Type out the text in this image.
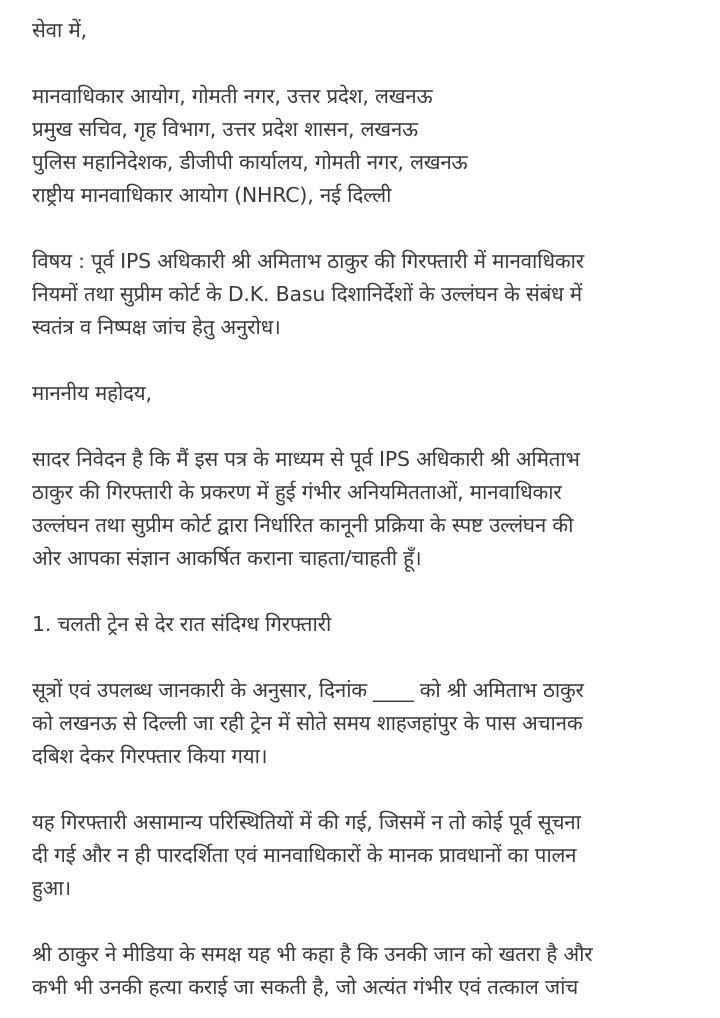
सेवा में,
मानवाधिकार आयोग, गोमती नगर, उत्तर प्रदेश, लखनऊ
प्रमुख सचिव, गृह विभाग, उत्तर प्रदेश शासन, लखनऊ
पुलिस महानिदेशक, डीजीपी कार्यालय, गोमती नगर, लखनऊ
राष्ट्रीय मानवाधिकार आयोग (NHRC), नई दिल्ली
विषय : पूर्व IPS अधिकारी श्री अमिताभ ठाकुर की गिरफ्तारी में मानवाधिकार
नियमों तथा सुप्रीम कोर्ट के D.K. Basu दिशानिर्देशों के उल्लंघन के संबंध में
स्वतंत्र व निष्पक्ष जांच हेतु अनुरोध।
माननीय महोदय,
सादर निवेदन है कि मैं इस पत्र के माध्यम से पूर्व IPS अधिकारी श्री अमिताभ
ठाकुर की गिरफ्तारी के प्रकरण में हुई गंभीर अनियमितताओं, मानवाधिकार
उल्लंघन तथा सुप्रीम कोर्ट द्वारा निर्धारित कानूनी प्रक्रिया के स्पष्ट उल्लंघन की
ओर आपका संज्ञान आकर्षित कराना चाहता/चाहती हूँ।
1. चलती ट्रेन से देर रात संदिग्ध गिरफ्तारी
सूत्रों एवं उपलब्ध जानकारी के अनुसार, दिनांक ____ को श्री अमिताभ ठाकुर
को लखनऊ से दिल्ली जा रही ट्रेन में सोते समय शाहजहांपुर के पास अचानक
दबिश देकर गिरफ्तार किया गया।
यह गिरफ्तारी असामान्य परिस्थितियों में की गई, जिसमें न तो कोई पूर्व सूचना
दी गई और न ही पारदर्शिता एवं मानवाधिकारों के मानक प्रावधानों का पालन
हुआ।
श्री ठाकुर ने मीडिया के समक्ष यह भी कहा है कि उनकी जान को खतरा है और
कभी भी उनकी हत्या कराई जा सकती है, जो अत्यंत गंभीर एवं तत्काल जांच
